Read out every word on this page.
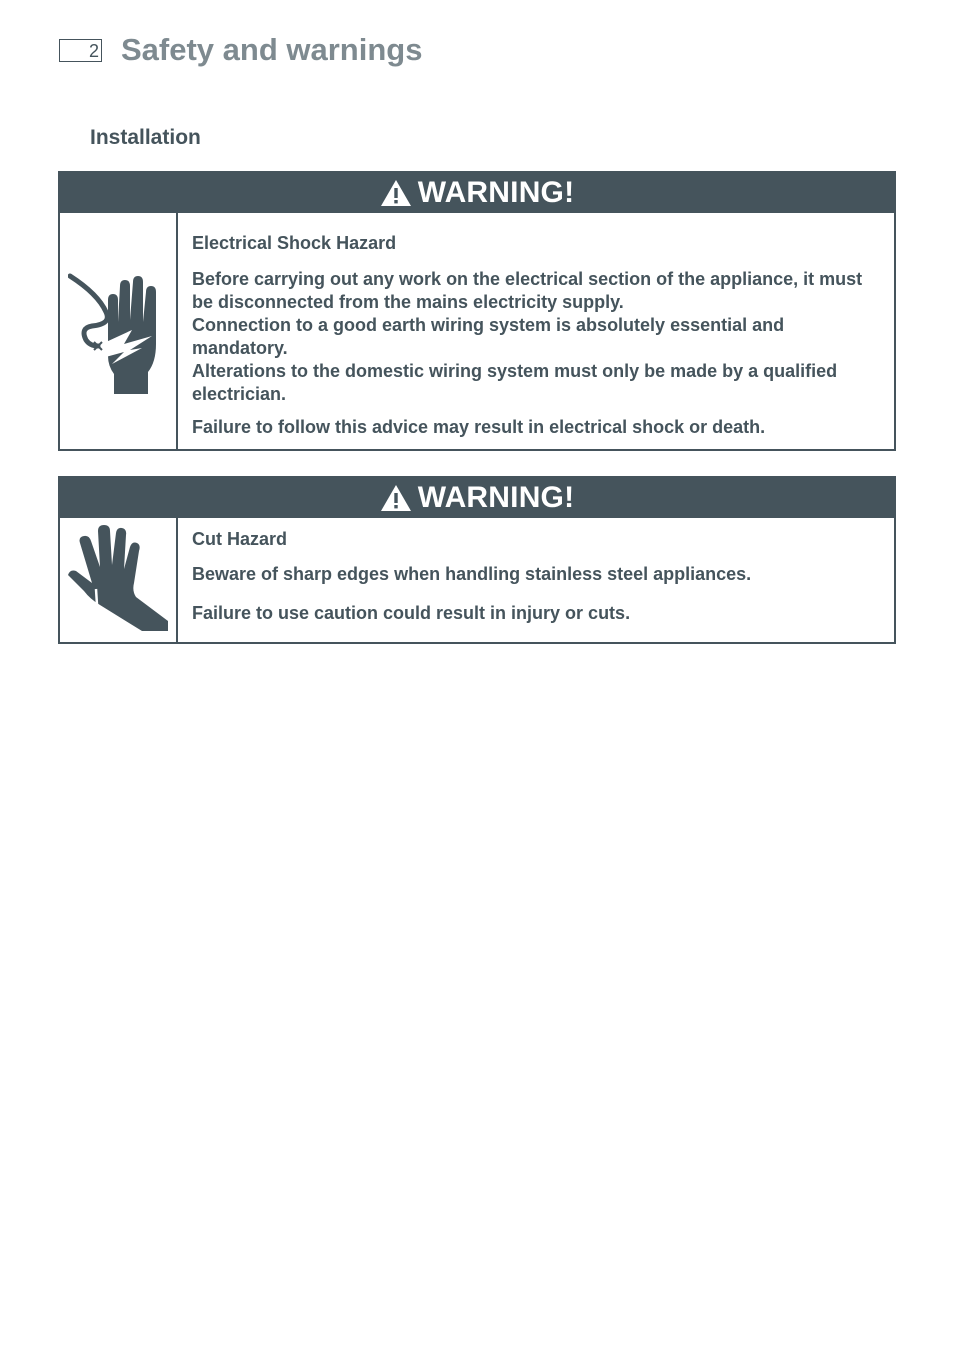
2 Safety and warnings
Installation
WARNING!

Electrical Shock Hazard

Before carrying out any work on the electrical section of the appliance, it must be disconnected from the mains electricity supply.

Connection to a good earth wiring system is absolutely essential and mandatory.

Alterations to the domestic wiring system must only be made by a qualified electrician.

Failure to follow this advice may result in electrical shock or death.

WARNING!

Cut Hazard

Beware of sharp edges when handling stainless steel appliances.

Failure to use caution could result in injury or cuts.
